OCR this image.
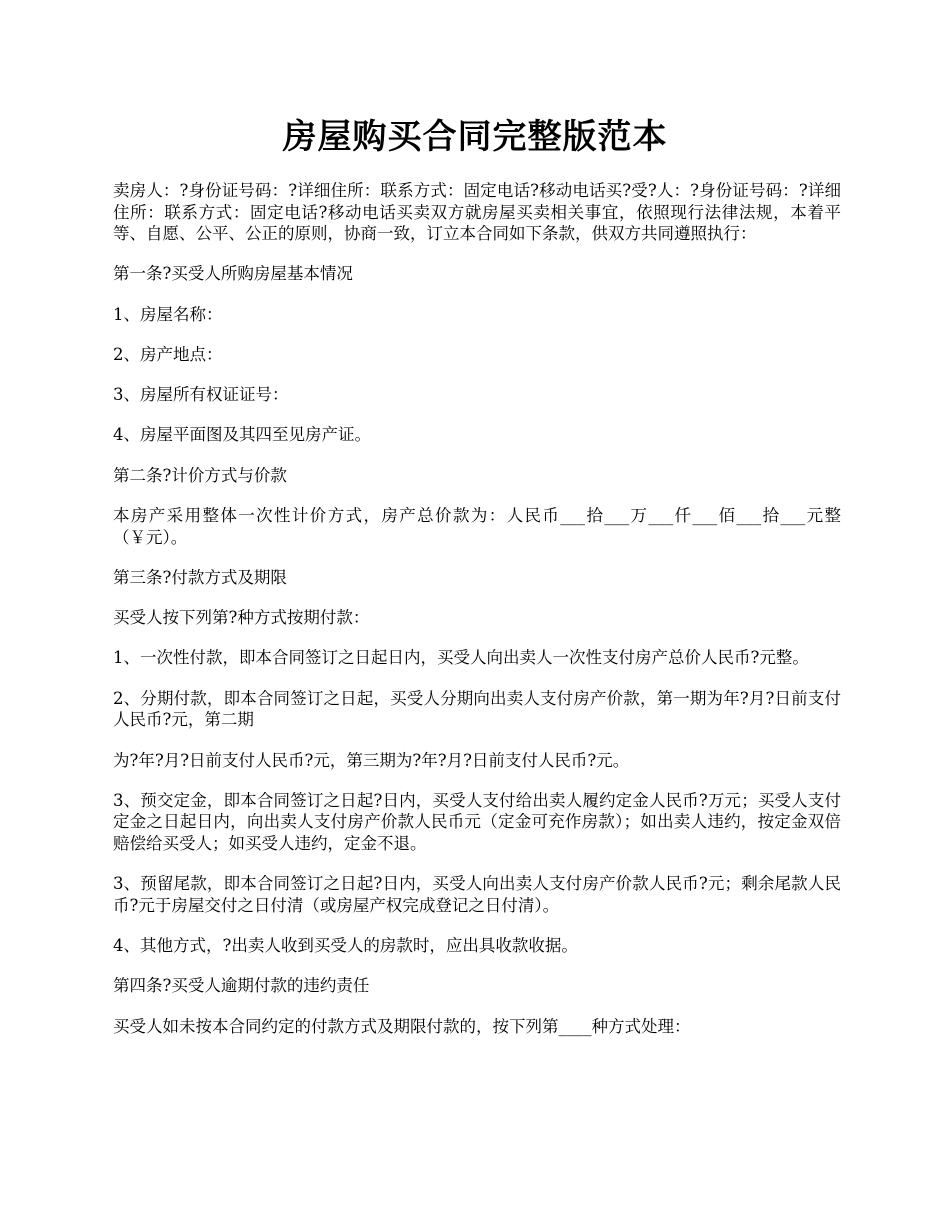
房屋购买合同完整版范本

卖房人：?身份证号码：?详细住所：联系方式：固定电话?移动电话买?受?人：?身份证号码：?详细住所：联系方式：固定电话?移动电话买卖双方就房屋买卖相关事宜，依照现行法律法规，本着平等、自愿、公平、公正的原则，协商一致，订立本合同如下条款，供双方共同遵照执行：

第一条?买受人所购房屋基本情况

1、房屋名称：

2、房产地点：

3、房屋所有权证证号：

4、房屋平面图及其四至见房产证。

第二条?计价方式与价款

本房产采用整体一次性计价方式，房产总价款为：人民币___拾___万___仟___佰___拾___元整（￥元）。

第三条?付款方式及期限

买受人按下列第?种方式按期付款：

1、一次性付款，即本合同签订之日起日内，买受人向出卖人一次性支付房产总价人民币?元整。

2、分期付款，即本合同签订之日起，买受人分期向出卖人支付房产价款，第一期为年?月?日前支付人民币?元，第二期

为?年?月?日前支付人民币?元，第三期为?年?月?日前支付人民币?元。

3、预交定金，即本合同签订之日起?日内，买受人支付给出卖人履约定金人民币?万元；买受人支付定金之日起日内，向出卖人支付房产价款人民币元（定金可充作房款）；如出卖人违约，按定金双倍赔偿给买受人；如买受人违约，定金不退。

3、预留尾款，即本合同签订之日起?日内，买受人向出卖人支付房产价款人民币?元；剩余尾款人民币?元于房屋交付之日付清（或房屋产权完成登记之日付清）。

4、其他方式，?出卖人收到买受人的房款时，应出具收款收据。

第四条?买受人逾期付款的违约责任

买受人如未按本合同约定的付款方式及期限付款的，按下列第____种方式处理：
